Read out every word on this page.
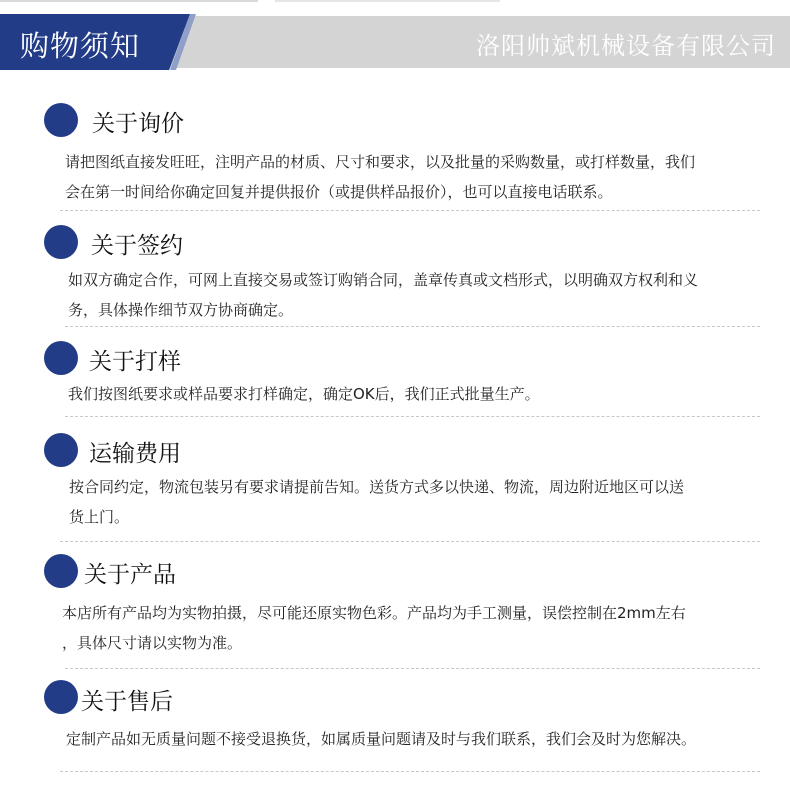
购物须知	洛阳帅斌机械设备有限公司
关于询价
请把图纸直接发旺旺，注明产品的材质、尺寸和要求，以及批量的采购数量，或打样数量，我们
会在第一时间给你确定回复并提供报价（或提供样品报价），也可以直接电话联系。
关于签约
如双方确定合作，可网上直接交易或签订购销合同，盖章传真或文档形式，以明确双方权利和义
务，具体操作细节双方协商确定。
关于打样
我们按图纸要求或样品要求打样确定，确定OK后，我们正式批量生产。
运输费用
按合同约定，物流包装另有要求请提前告知。送货方式多以快递、物流，周边附近地区可以送
货上门。
关于产品
本店所有产品均为实物拍摄，尽可能还原实物色彩。产品均为手工测量，误偿控制在2mm左右
，具体尺寸请以实物为准。
关于售后
定制产品如无质量问题不接受退换货，如属质量问题请及时与我们联系，我们会及时为您解决。
